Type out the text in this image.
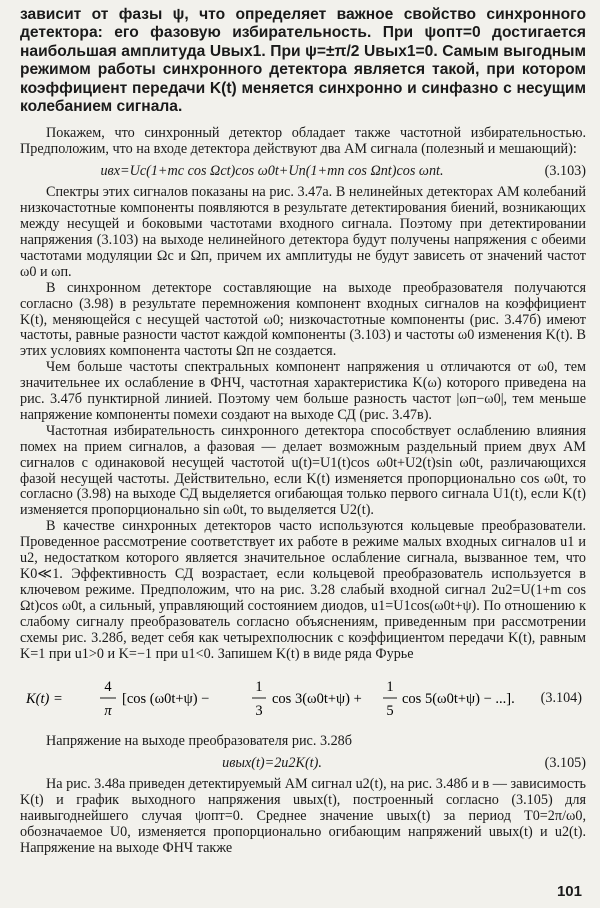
зависит от фазы ψ, что определяет важное свойство синхронного детектора: его фазовую избирательность. При ψопт=0 достигается наибольшая амплитуда Uвых1. При ψ=±π/2 Uвых1=0. Самым выгодным режимом работы синхронного детектора является такой, при котором коэффициент передачи K(t) меняется синхронно и синфазно с несущим колебанием сигнала.

Покажем, что синхронный детектор обладает также частотной избирательностью. Предположим, что на входе детектора действуют два АМ сигнала (полезный и мешающий):

uвх=Uс(1+mс cos Ωсt)cos ω0t+Uп(1+mп cos Ωпt)cos ωпt.	(3.103)

Спектры этих сигналов показаны на рис. 3.47а. В нелинейных детекторах АМ колебаний низкочастотные компоненты появляются в результате детектирования биений, возникающих между несущей и боковыми частотами входного сигнала. Поэтому при детектировании напряжения (3.103) на выходе нелинейного детектора будут получены напряжения с обеими частотами модуляции Ωс и Ωп, причем их амплитуды не будут зависеть от значений частот ω0 и ωп.

В синхронном детекторе составляющие на выходе преобразователя получаются согласно (3.98) в результате перемножения компонент входных сигналов на коэффициент K(t), меняющейся с несущей частотой ω0; низкочастотные компоненты (рис. 3.47б) имеют частоты, равные разности частот каждой компоненты (3.103) и частоты ω0 изменения K(t). В этих условиях компонента частоты Ωп не создается.

Чем больше частоты спектральных компонент напряжения u отличаются от ω0, тем значительнее их ослабление в ФНЧ, частотная характеристика K(ω) которого приведена на рис. 3.47б пунктирной линией. Поэтому чем больше разность частот |ωп−ω0|, тем меньше напряжение компоненты помехи создают на выходе СД (рис. 3.47в).

Частотная избирательность синхронного детектора способствует ослаблению влияния помех на прием сигналов, а фазовая — делает возможным раздельный прием двух АМ сигналов с одинаковой несущей частотой u(t)=U1(t)cos ω0t+U2(t)sin ω0t, различающихся фазой несущей частоты. Действительно, если K(t) изменяется пропорционально cos ω0t, то согласно (3.98) на выходе СД выделяется огибающая только первого сигнала U1(t), если K(t) изменяется пропорционально sin ω0t, то выделяется U2(t).

В качестве синхронных детекторов часто используются кольцевые преобразователи. Проведенное рассмотрение соответствует их работе в режиме малых входных сигналов u1 и u2, недостатком которого является значительное ослабление сигнала, вызванное тем, что K0≪1. Эффективность СД возрастает, если кольцевой преобразователь используется в ключевом режиме. Предположим, что на рис. 3.28 слабый входной сигнал 2u2=U(1+m cos Ωt)cos ω0t, а сильный, управляющий состоянием диодов, u1=U1cos(ω0t+ψ). По отношению к слабому сигналу преобразователь согласно объяснениям, приведенным при рассмотрении схемы рис. 3.28б, ведет себя как четырехполюсник с коэффициентом передачи K(t), равным K=1 при u1>0 и K=−1 при u1<0. Запишем K(t) в виде ряда Фурье

K(t) =
4
π
[cos (ω0t+ψ) −
1
3
cos 3(ω0t+ψ) +
1
5
cos 5(ω0t+ψ) − ...].	(3.104)

Напряжение на выходе преобразователя рис. 3.28б

uвых(t)=2u2K(t).	(3.105)

На рис. 3.48а приведен детектируемый АМ сигнал u2(t), на рис. 3.48б и в — зависимость K(t) и график выходного напряжения uвых(t), построенный согласно (3.105) для наивыгоднейшего случая ψопт=0. Среднее значение uвых(t) за период T0=2π/ω0, обозначаемое U0, изменяется пропорционально огибающим напряжений uвых(t) и u2(t). Напряжение на выходе ФНЧ также

101
